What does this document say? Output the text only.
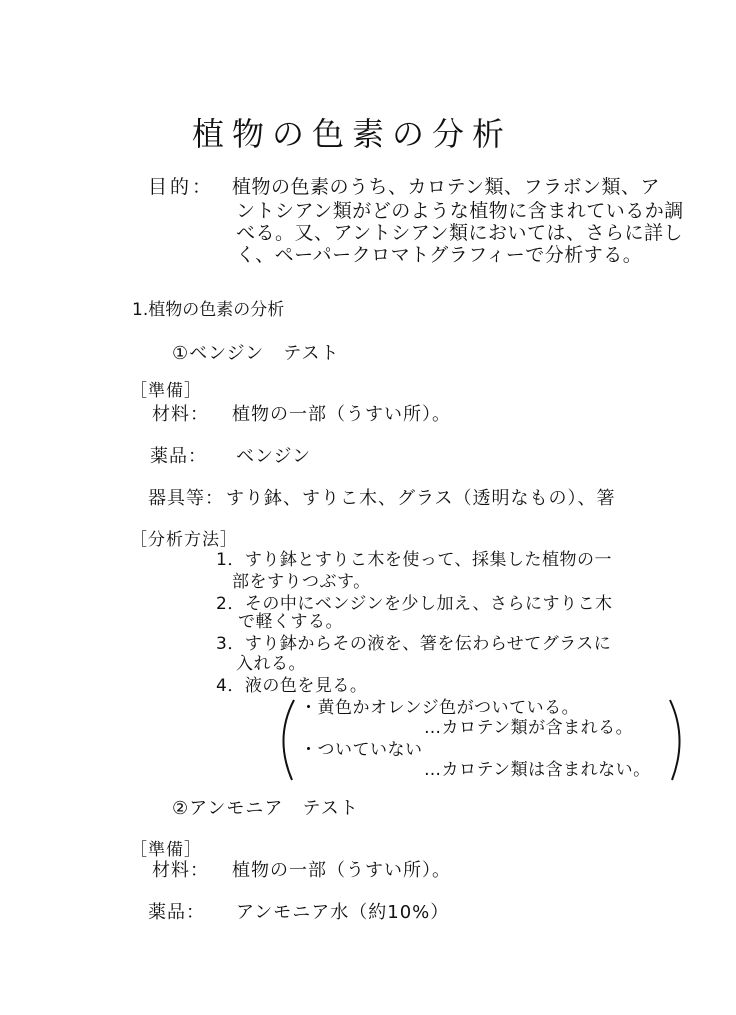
植物の色素の分析
目的： 植物の色素のうち、カロテン類、フラボン類、ア
ントシアン類がどのような植物に含まれているか調
べる。又、アントシアン類においては、さらに詳し
く、ペーパークロマトグラフィーで分析する。
1.植物の色素の分析
①ベンジン　テスト
［準備］
材料： 植物の一部（うすい所）。
薬品： ベンジン
器具等： すり鉢、すりこ木、グラス（透明なもの）、箸
［分析方法］
1．すり鉢とすりこ木を使って、採集した植物の一
部をすりつぶす。
2．その中にベンジンを少し加え、さらにすりこ木
で軽くする。
3．すり鉢からその液を、箸を伝わらせてグラスに
入れる。
4．液の色を見る。
・黄色かオレンジ色がついている。
…カロテン類が含まれる。
・ついていない
…カロテン類は含まれない。
②アンモニア　テスト
［準備］
材料： 植物の一部（うすい所）。
薬品： アンモニア水（約10%）
